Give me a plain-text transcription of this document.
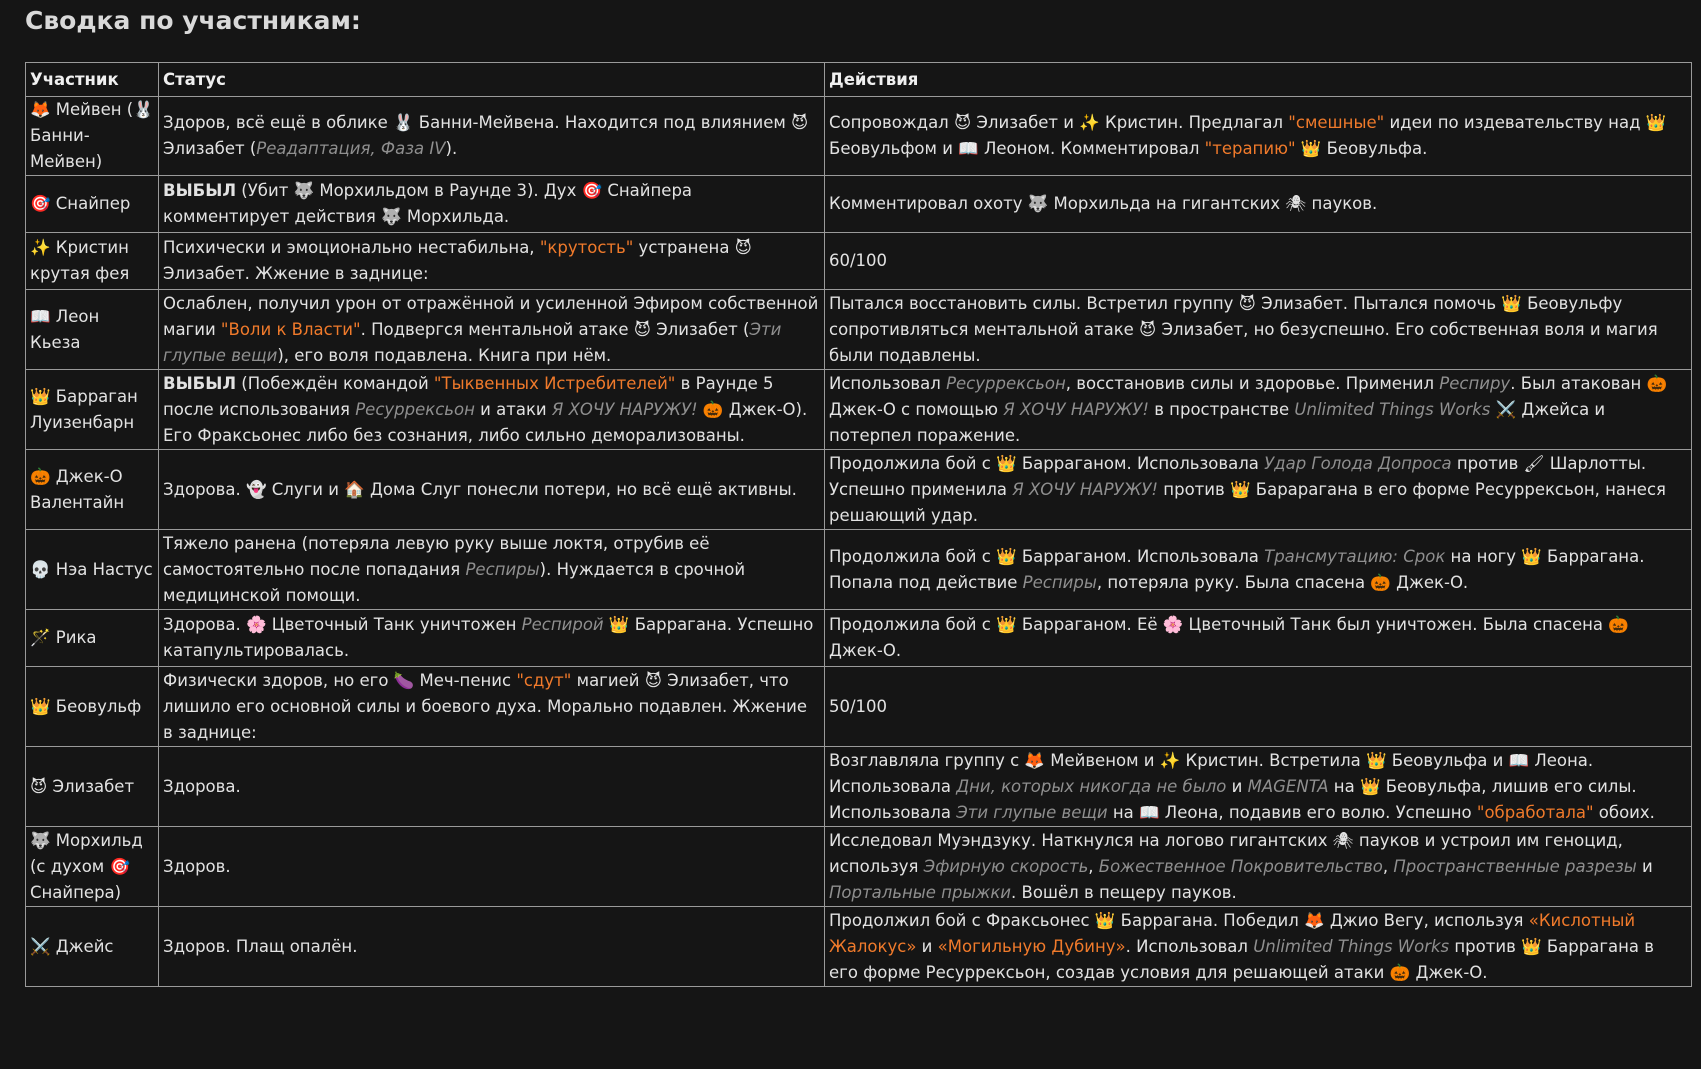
Сводка по участникам:
Участник	Статус	Действия
🦊 Мейвен (🐰 Банни-Мейвен)	Здоров, всё ещё в облике 🐰 Банни-Мейвена. Находится под влиянием 😈 Элизабет (Реадаптация, Фаза IV).	Сопровождал 😈 Элизабет и ✨ Кристин. Предлагал "смешные" идеи по издевательству над 👑 Беовульфом и 📖 Леоном. Комментировал "терапию" 👑 Беовульфа.
🎯 Снайпер	ВЫБЫЛ (Убит 🐺 Морхильдом в Раунде 3). Дух 🎯 Снайпера комментирует действия 🐺 Морхильда.	Комментировал охоту 🐺 Морхильда на гигантских 🕷 пауков.
✨ Кристин крутая фея	Психически и эмоционально нестабильна, "крутость" устранена 😈 Элизабет. Жжение в заднице:	60/100
📖 Леон Кьеза	Ослаблен, получил урон от отражённой и усиленной Эфиром собственной магии "Воли к Власти". Подвергся ментальной атаке 😈 Элизабет (Эти глупые вещи), его воля подавлена. Книга при нём.	Пытался восстановить силы. Встретил группу 😈 Элизабет. Пытался помочь 👑 Беовульфу сопротивляться ментальной атаке 😈 Элизабет, но безуспешно. Его собственная воля и магия были подавлены.
👑 Барраган Луизенбарн	ВЫБЫЛ (Побеждён командой "Тыквенных Истребителей" в Раунде 5 после использования Ресуррексьон и атаки Я ХОЧУ НАРУЖУ! 🎃 Джек-О). Его Фраксьонес либо без сознания, либо сильно деморализованы.	Использовал Ресуррексьон, восстановив силы и здоровье. Применил Респиру. Был атакован 🎃 Джек-О с помощью Я ХОЧУ НАРУЖУ! в пространстве Unlimited Things Works ⚔️ Джейса и потерпел поражение.
🎃 Джек-О Валентайн	Здорова. 👻 Слуги и 🏠 Дома Слуг понесли потери, но всё ещё активны.	Продолжила бой с 👑 Барраганом. Использовала Удар Голода Допроса против 🖌 Шарлотты. Успешно применила Я ХОЧУ НАРУЖУ! против 👑 Барарагана в его форме Ресуррексьон, нанеся решающий удар.
💀 Нэа Настус	Тяжело ранена (потеряла левую руку выше локтя, отрубив её самостоятельно после попадания Респиры). Нуждается в срочной медицинской помощи.	Продолжила бой с 👑 Барраганом. Использовала Трансмутацию: Срок на ногу 👑 Баррагана. Попала под действие Респиры, потеряла руку. Была спасена 🎃 Джек-О.
🪄 Рика	Здорова. 🌸 Цветочный Танк уничтожен Респирой 👑 Баррагана. Успешно катапультировалась.	Продолжила бой с 👑 Барраганом. Её 🌸 Цветочный Танк был уничтожен. Была спасена 🎃 Джек-О.
👑 Беовульф	Физически здоров, но его 🍆 Меч-пенис "сдут" магией 😈 Элизабет, что лишило его основной силы и боевого духа. Морально подавлен. Жжение в заднице:	50/100
😈 Элизабет	Здорова.	Возглавляла группу с 🦊 Мейвеном и ✨ Кристин. Встретила 👑 Беовульфа и 📖 Леона. Использовала Дни, которых никогда не было и MAGENTA на 👑 Беовульфа, лишив его силы. Использовала Эти глупые вещи на 📖 Леона, подавив его волю. Успешно "обработала" обоих.
🐺 Морхильд (с духом 🎯 Снайпера)	Здоров.	Исследовал Муэндзуку. Наткнулся на логово гигантских 🕷 пауков и устроил им геноцид, используя Эфирную скорость, Божественное Покровительство, Пространственные разрезы и Портальные прыжки. Вошёл в пещеру пауков.
⚔️ Джейс	Здоров. Плащ опалён.	Продолжил бой с Фраксьонес 👑 Баррагана. Победил 🦊 Джио Вегу, используя «Кислотный Жалокус» и «Могильную Дубину». Использовал Unlimited Things Works против 👑 Баррагана в его форме Ресуррексьон, создав условия для решающей атаки 🎃 Джек-О.
